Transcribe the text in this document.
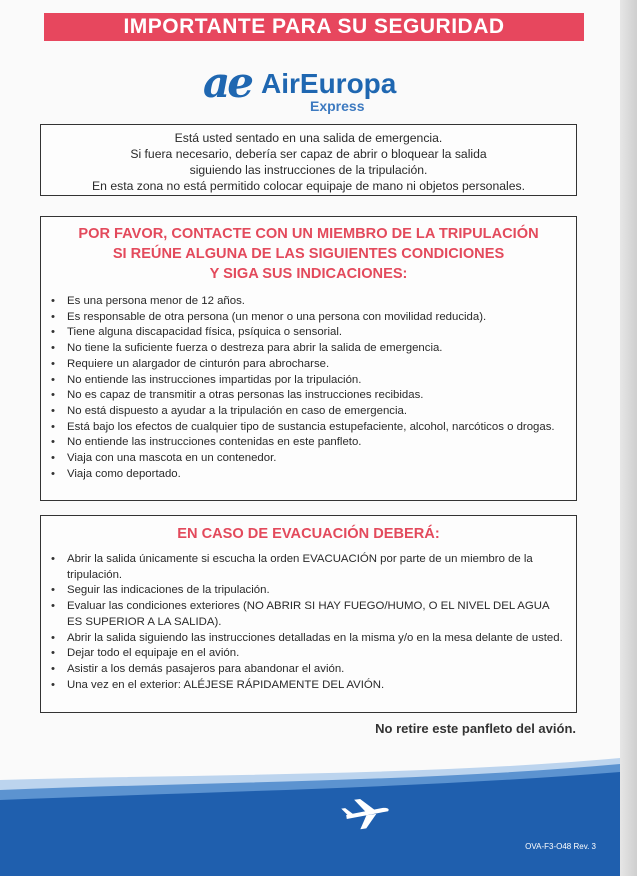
IMPORTANTE PARA SU SEGURIDAD
ae AirEuropa
Express

Está usted sentado en una salida de emergencia.

Si fuera necesario, debería ser capaz de abrir o bloquear la salida

siguiendo las instrucciones de la tripulación.

En esta zona no está permitido colocar equipaje de mano ni objetos personales.

POR FAVOR, CONTACTE CON UN MIEMBRO DE LA TRIPULACIÓN

SI REÚNE ALGUNA DE LAS SIGUIENTES CONDICIONES

Y SIGA SUS INDICACIONES:

• Es una persona menor de 12 años.
• Es responsable de otra persona (un menor o una persona con movilidad reducida).
• Tiene alguna discapacidad física, psíquica o sensorial.
• No tiene la suficiente fuerza o destreza para abrir la salida de emergencia.
• Requiere un alargador de cinturón para abrocharse.
• No entiende las instrucciones impartidas por la tripulación.
• No es capaz de transmitir a otras personas las instrucciones recibidas.
• No está dispuesto a ayudar a la tripulación en caso de emergencia.
• Está bajo los efectos de cualquier tipo de sustancia estupefaciente, alcohol, narcóticos o drogas.
• No entiende las instrucciones contenidas en este panfleto.
• Viaja con una mascota en un contenedor.
• Viaja como deportado.

EN CASO DE EVACUACIÓN DEBERÁ:

• Abrir la salida únicamente si escucha la orden EVACUACIÓN por parte de un miembro de la tripulación.
• Seguir las indicaciones de la tripulación.
• Evaluar las condiciones exteriores (NO ABRIR SI HAY FUEGO/HUMO, O EL NIVEL DEL AGUA ES SUPERIOR A LA SALIDA).
• Abrir la salida siguiendo las instrucciones detalladas en la misma y/o en la mesa delante de usted.
• Dejar todo el equipaje en el avión.
• Asistir a los demás pasajeros para abandonar el avión.
• Una vez en el exterior: ALÉJESE RÁPIDAMENTE DEL AVIÓN.
No retire este panfleto del avión.
OVA-F3-O48 Rev. 3
